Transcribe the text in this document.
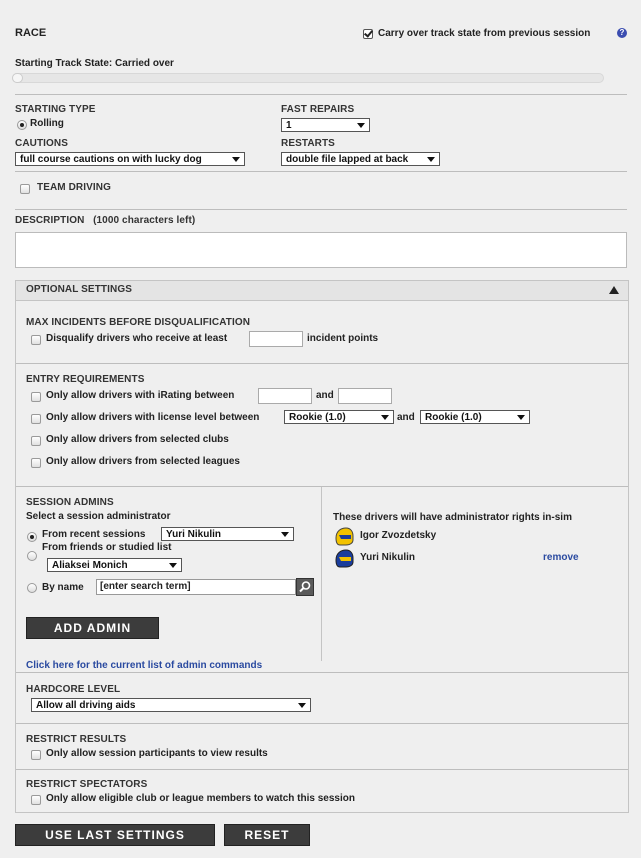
RACE	Carry over track state from previous session	?
Starting Track State: Carried over
STARTING TYPE
Rolling
FAST REPAIRS
1
CAUTIONS
full course cautions on with lucky dog
RESTARTS
double file lapped at back
TEAM DRIVING
DESCRIPTION (1000 characters left)
OPTIONAL SETTINGS
MAX INCIDENTS BEFORE DISQUALIFICATION
Disqualify drivers who receive at least	incident points
ENTRY REQUIREMENTS
Only allow drivers with iRating between	and
Only allow drivers with license level between	Rookie (1.0)	and	Rookie (1.0)
Only allow drivers from selected clubs
Only allow drivers from selected leagues
SESSION ADMINS
Select a session administrator
From recent sessions	Yuri Nikulin
From friends or studied list
Aliaksei Monich
By name	[enter search term]
ADD ADMIN
Click here for the current list of admin commands
These drivers will have administrator rights in-sim
Igor Zvozdetsky
Yuri Nikulin	remove
HARDCORE LEVEL
Allow all driving aids
RESTRICT RESULTS
Only allow session participants to view results
RESTRICT SPECTATORS
Only allow eligible club or league members to watch this session
USE LAST SETTINGS	RESET
